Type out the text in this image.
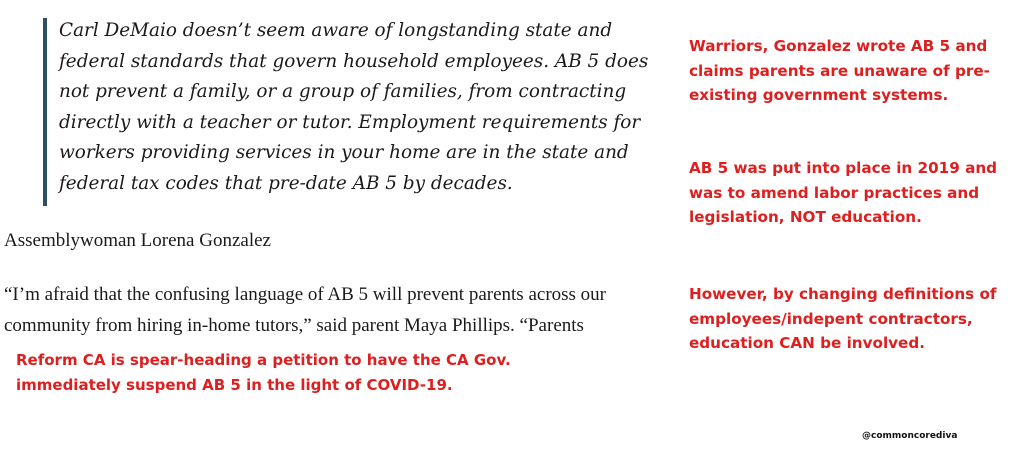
Carl DeMaio doesn’t seem aware of longstanding state and federal standards that govern household employees. AB 5 does not prevent a family, or a group of families, from contracting directly with a teacher or tutor. Employment requirements for workers providing services in your home are in the state and federal tax codes that pre-date AB 5 by decades.

Assemblywoman Lorena Gonzalez

“I’m afraid that the confusing language of AB 5 will prevent parents across our community from hiring in-home tutors,” said parent Maya Phillips. “Parents

Warriors, Gonzalez wrote AB 5 and claims parents are unaware of pre-existing government systems.

AB 5 was put into place in 2019 and was to amend labor practices and legislation, NOT education.

However, by changing definitions of employees/indepent contractors, education CAN be involved.

Reform CA is spear-heading a petition to have the CA Gov. immediately suspend AB 5 in the light of COVID-19.

@commoncorediva
